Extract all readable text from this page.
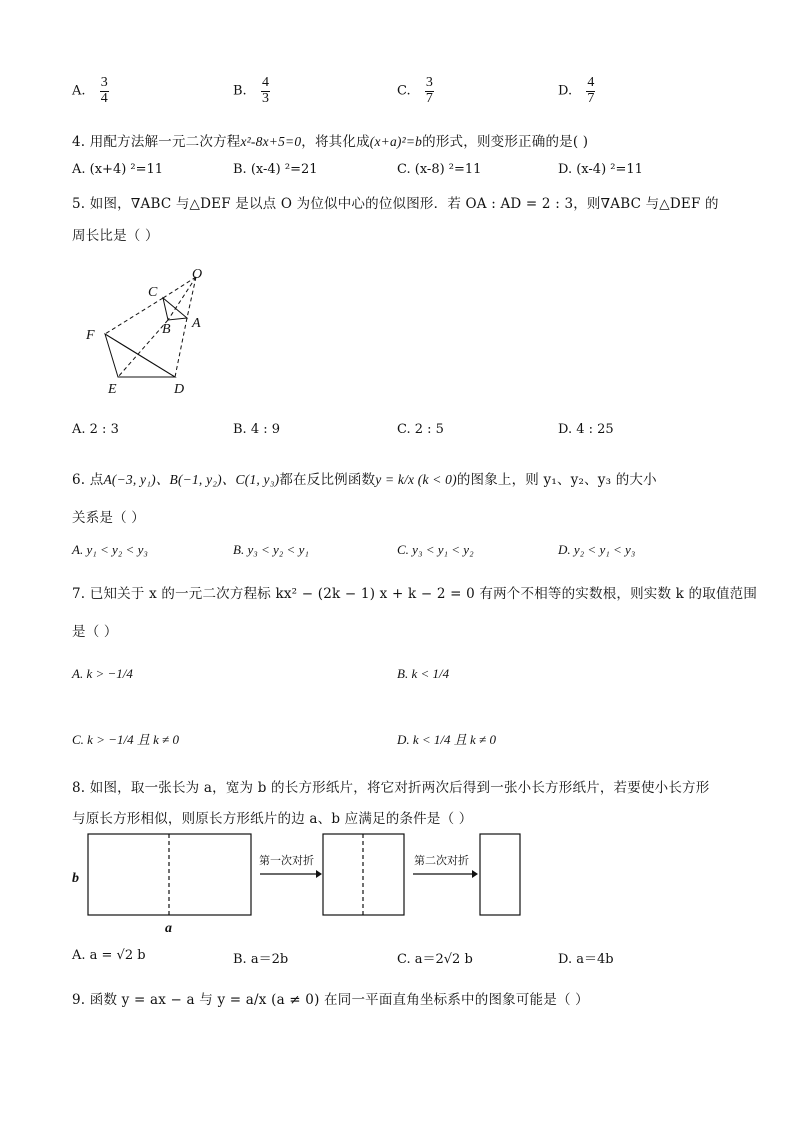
A. $\frac{3}{4}$	B. $\frac{4}{3}$	C. $\frac{3}{7}$	D. $\frac{4}{7}$
4. 用配方法解一元二次方程x²-8x+5=0，将其化成(x+a)²=b的形式，则变形正确的是( )
A. (x+4) ²=11	B. (x-4) ²=21	C. (x-8) ²=11	D. (x-4) ²=11
5. 如图，∇ABC 与△DEF 是以点 O 为位似中心的位似图形．若 OA : AD = 2 : 3，则∇ABC 与△DEF 的
周长比是（ ）
O
C
B A
F
E	D
A. 2 : 3	B. 4 : 9	C. 2 : 5	D. 4 : 25
6. 点A(−3, y₁)、B(−1, y₂)、C(1, y₃)都在反比例函数y = k/x (k < 0)的图象上，则 y₁、y₂、y₃ 的大小
关系是（ ）
A. y₁ < y₂ < y₃	B. y₃ < y₂ < y₁	C. y₃ < y₁ < y₂	D. y₂ < y₁ < y₃
7. 已知关于 x 的一元二次方程标 kx² − (2k − 1) x + k − 2 = 0 有两个不相等的实数根，则实数 k 的取值范围
是（ ）
A. k > −1/4	B. k < 1/4
C. k > −1/4 且 k ≠ 0	D. k < 1/4 且 k ≠ 0
8. 如图，取一张长为 a，宽为 b 的长方形纸片，将它对折两次后得到一张小长方形纸片，若要使小长方形
与原长方形相似，则原长方形纸片的边 a、b 应满足的条件是（ ）
第一次对折	第二次对折
b
a
A. a = √2 b	B. a＝2b	C. a＝2√2 b	D. a＝4b
9. 函数 y = ax − a 与 y = a/x (a ≠ 0) 在同一平面直角坐标系中的图象可能是（ ）
